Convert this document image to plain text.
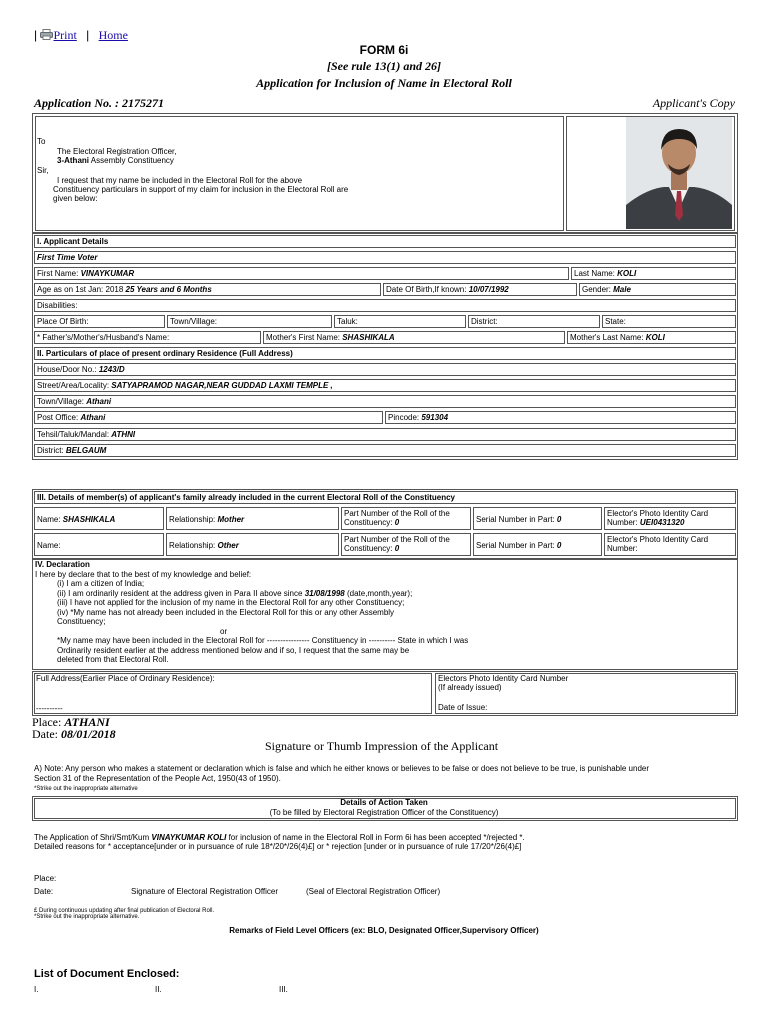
| Print | Home
FORM 6i
[See rule 13(1) and 26]
Application for Inclusion of Name in Electoral Roll
Application No. : 2175271	Applicant's Copy
To
The Electoral Registration Officer,
3-Athani Assembly Constituency
Sir,
I request that my name be included in the Electoral Roll for the above
Constituency particulars in support of my claim for inclusion in the Electoral Roll are
given below:
I. Applicant Details
First Time Voter
First Name: VINAYKUMAR	Last Name: KOLI
Age as on 1st Jan: 2018 25 Years and 6 Months	Date Of Birth,If known: 10/07/1992	Gender: Male
Disabilities:
Place Of Birth:	Town/Village:	Taluk:	District:	State:
* Father's/Mother's/Husband's Name:	Mother's First Name: SHASHIKALA	Mother's Last Name: KOLI
II. Particulars of place of present ordinary Residence (Full Address)
House/Door No.: 1243/D
Street/Area/Locality: SATYAPRAMOD NAGAR,NEAR GUDDAD LAXMI TEMPLE ,
Town/Village: Athani
Post Office: Athani	Pincode: 591304
Tehsil/Taluk/Mandal: ATHNI
District: BELGAUM
III. Details of member(s) of applicant's family already included in the current Electoral Roll of the Constituency
Name: SHASHIKALA	Relationship: Mother
Part Number of the Roll of the
Constituency: 0	Serial Number in Part: 0
Elector's Photo Identity Card
Number: UEI0431320
Name:	Relationship: Other
Part Number of the Roll of the
Constituency: 0	Serial Number in Part: 0
Elector's Photo Identity Card
Number:
IV. Declaration
I here by declare that to the best of my knowledge and belief:
(i) I am a citizen of India;
(ii) I am ordinarily resident at the address given in Para II above since 31/08/1998 (date,month,year);
(iii) I have not applied for the inclusion of my name in the Electoral Roll for any other Constituency;
(iv) *My name has not already been included in the Electoral Roll for this or any other Assembly
Constituency;
or
*My name may have been included in the Electoral Roll for ---------------- Constituency in ---------- State in which I was
Ordinarily resident earlier at the address mentioned below and if so, I request that the same may be
deleted from that Electoral Roll.
Full Address(Earlier Place of Ordinary Residence):
----------
Electors Photo Identity Card Number
(If already issued)
Date of Issue:
Place: ATHANI
Date: 08/01/2018
Signature or Thumb Impression of the Applicant
A) Note: Any person who makes a statement or declaration which is false and which he either knows or believes to be false or does not believe to be true, is punishable under
Section 31 of the Representation of the People Act, 1950(43 of 1950).
*Strike out the inappropriate alternative
Details of Action Taken
(To be filled by Electoral Registration Officer of the Constituency)
The Application of Shri/Smt/Kum VINAYKUMAR KOLI for inclusion of name in the Electoral Roll in Form 6i has been accepted */rejected *.
Detailed reasons for * acceptance[under or in pursuance of rule 18*/20*/26(4)£] or * rejection [under or in pursuance of rule 17/20*/26(4)£]
Place:
Date:	Signature of Electoral Registration Officer	(Seal of Electoral Registration Officer)
£ During continuous updating after final publication of Electoral Roll.
*Strike out the inappropriate alternative.
Remarks of Field Level Officers (ex: BLO, Designated Officer,Supervisory Officer)
List of Document Enclosed:
I.	II.	III.
